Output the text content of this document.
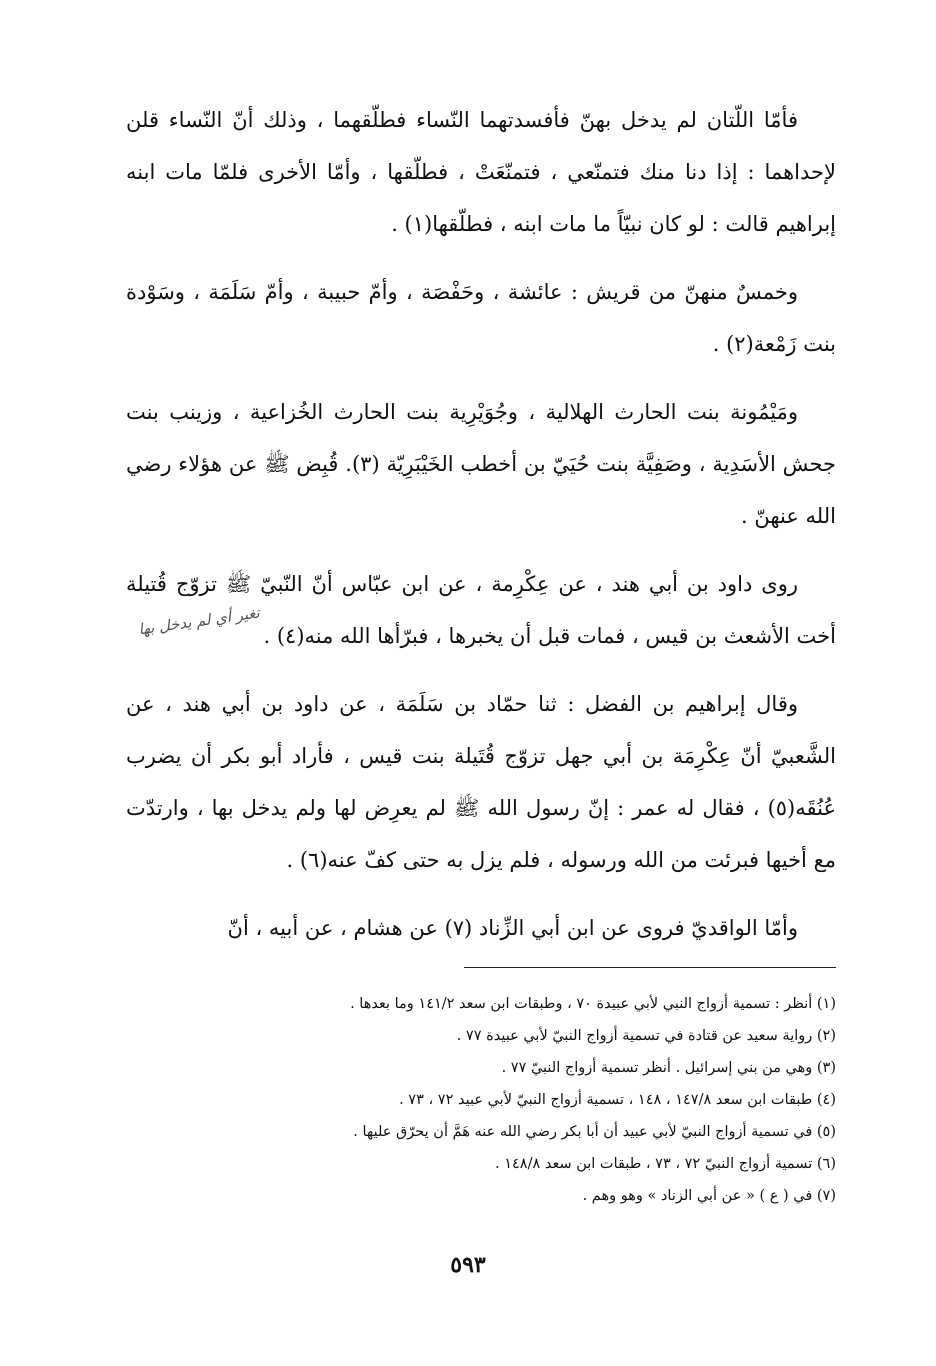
فأمّا اللّتان لم يدخل بهنّ فأفسدتهما النّساء فطلّقهما ، وذلك أنّ النّساء قلن لإحداهما : إذا دنا منك فتمنّعي ، فتمنّعَتْ ، فطلّقها ، وأمّا الأخرى فلمّا مات ابنه إبراهيم قالت : لو كان نبيّاً ما مات ابنه ، فطلّقها(١) .

وخمسٌ منهنّ من قريش : عائشة ، وحَفْصَة ، وأمّ حبيبة ، وأمّ سَلَمَة ، وسَوْدة بنت زَمْعة(٢) .

ومَيْمُونة بنت الحارث الهلالية ، وجُوَيْرِية بنت الحارث الخُزاعية ، وزينب بنت جحش الأسَدِية ، وصَفِيَّة بنت حُيَيّ بن أخطب الخَيْبَرِيّة (٣). قُبِض ﷺ عن هؤلاء رضي الله عنهنّ .

روى داود بن أبي هند ، عن عِكْرِمة ، عن ابن عبّاس أنّ النّبيّ ﷺ تزوّج قُتيلة أخت الأشعث بن قيس ، فمات قبل أن يخبرها ، فبرّأها الله منه(٤) .

وقال إبراهيم بن الفضل : ثنا حمّاد بن سَلَمَة ، عن داود بن أبي هند ، عن الشَّعبيّ أنّ عِكْرِمَة بن أبي جهل تزوّج قُتَيلة بنت قيس ، فأراد أبو بكر أن يضرب عُنُقَه(٥) ، فقال له عمر : إنّ رسول الله ﷺ لم يعرِض لها ولم يدخل بها ، وارتدّت مع أخيها فبرئت من الله ورسوله ، فلم يزل به حتى كفّ عنه(٦) .

وأمّا الواقديّ فروى عن ابن أبي الزِّناد (٧) عن هشام ، عن أبيه ، أنّ

تغير أي لم يدخل بها

(١) أنظر : تسمية أزواج النبي لأبي عبيدة ٧٠ ، وطبقات ابن سعد ١٤١/٢ وما بعدها .

(٢) رواية سعيد عن قتادة في تسمية أزواج النبيّ لأبي عبيدة ٧٧ .

(٣) وهي من بني إسرائيل . أنظر تسمية أزواج النبيّ ٧٧ .

(٤) طبقات ابن سعد ١٤٧/٨ ، ١٤٨ ، تسمية أزواج النبيّ لأبي عبيد ٧٢ ، ٧٣ .

(٥) في تسمية أزواج النبيّ لأبي عبيد أن أبا بكر رضي الله عنه هَمَّ أن يحرّق عليها .

(٦) تسمية أزواج النبيّ ٧٢ ، ٧٣ ، طبقات ابن سعد ١٤٨/٨ .

(٧) في ( ع ) « عن أبي الزناد » وهو وهم .

٥٩٣
